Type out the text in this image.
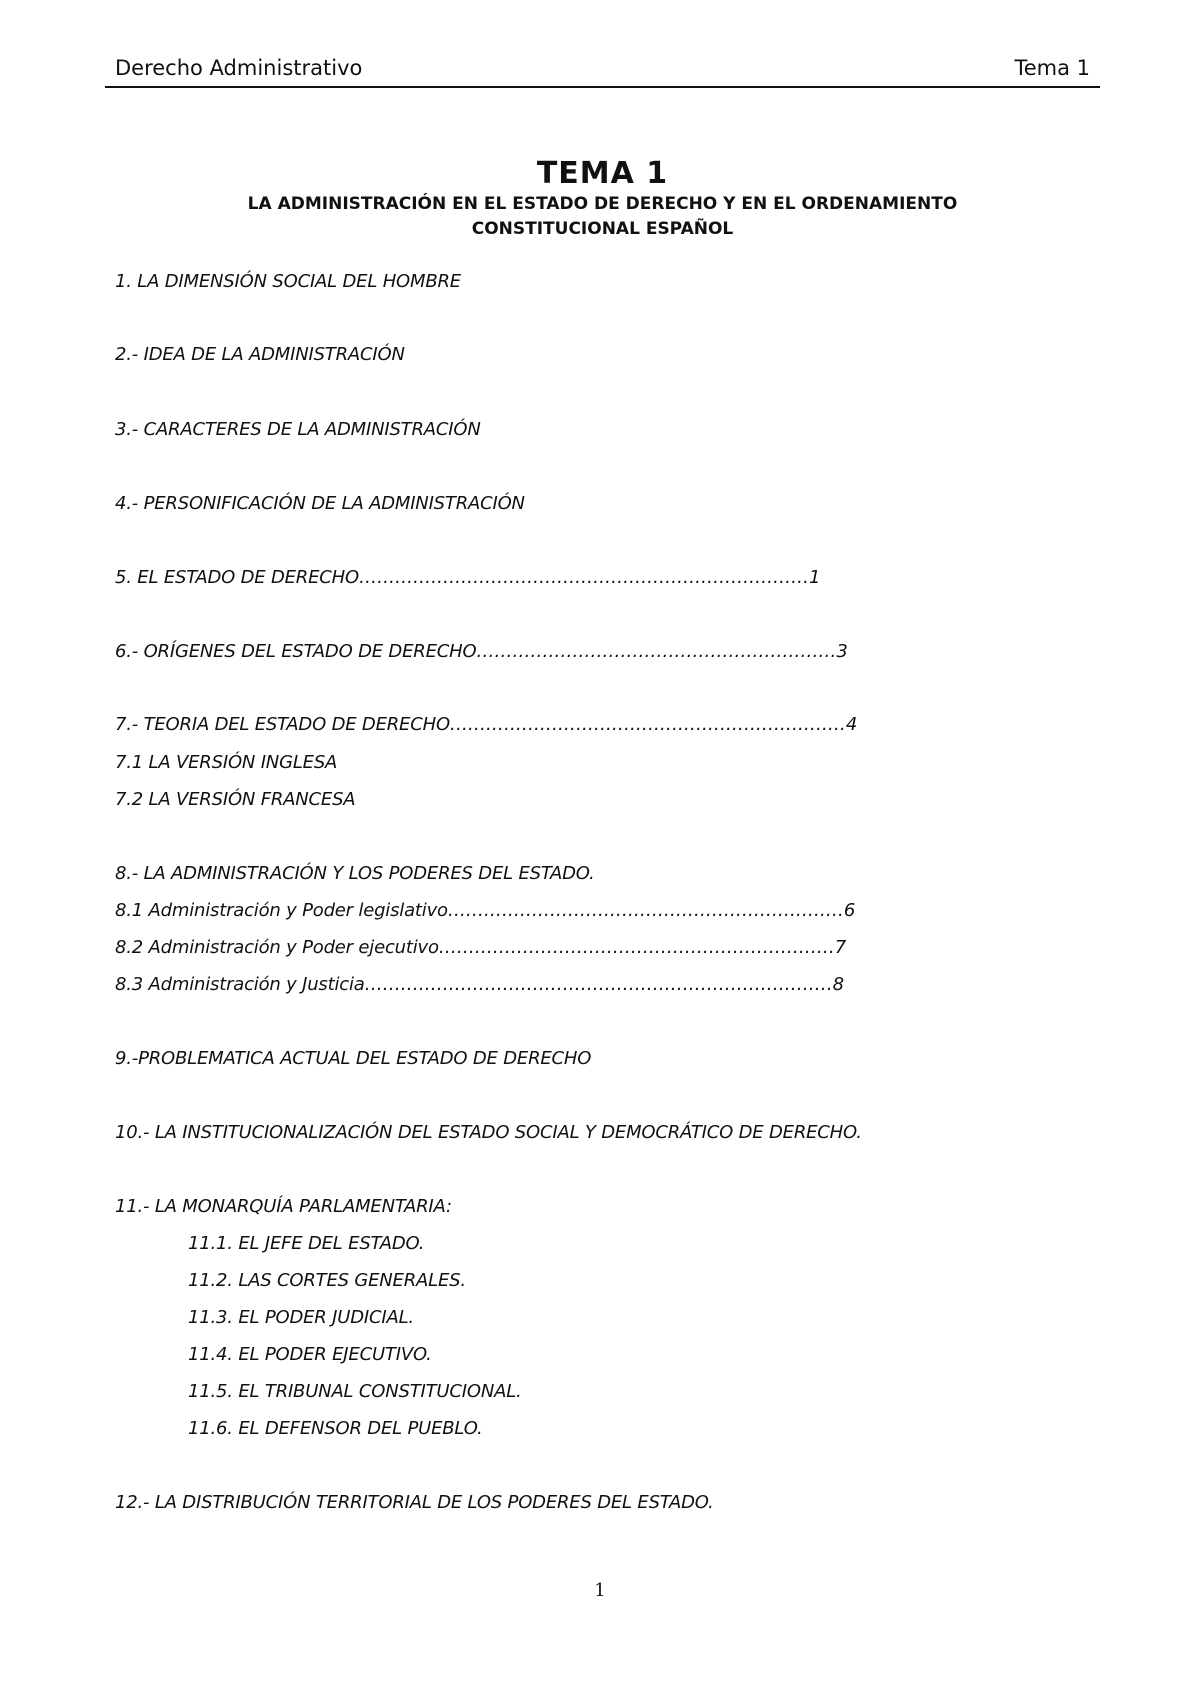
Derecho Administrativo	Tema 1
TEMA 1
LA ADMINISTRACIÓN EN EL ESTADO DE DERECHO Y EN EL ORDENAMIENTO CONSTITUCIONAL ESPAÑOL
1. LA DIMENSIÓN SOCIAL DEL HOMBRE
2.- IDEA DE LA ADMINISTRACIÓN
3.- CARACTERES DE LA ADMINISTRACIÓN
4.- PERSONIFICACIÓN DE LA ADMINISTRACIÓN
5. EL ESTADO DE DERECHO…………………………………………………………………1
6.- ORÍGENES DEL ESTADO DE DERECHO……………………………………………………3
7.- TEORIA DEL ESTADO DE DERECHO…………………………………………………………4
7.1 LA VERSIÓN INGLESA
7.2 LA VERSIÓN FRANCESA
8.- LA ADMINISTRACIÓN Y LOS PODERES DEL ESTADO.
8.1 Administración y Poder legislativo…………………………………………………………6
8.2 Administración y Poder ejecutivo…………………………………………………………7
8.3 Administración y Justicia……………………………………………………………………8
9.-PROBLEMATICA ACTUAL DEL ESTADO DE DERECHO
10.- LA INSTITUCIONALIZACIÓN DEL ESTADO SOCIAL Y DEMOCRÁTICO DE DERECHO.
11.- LA MONARQUÍA PARLAMENTARIA:
11.1. EL JEFE DEL ESTADO.
11.2. LAS CORTES GENERALES.
11.3. EL PODER JUDICIAL.
11.4. EL PODER EJECUTIVO.
11.5. EL TRIBUNAL CONSTITUCIONAL.
11.6. EL DEFENSOR DEL PUEBLO.
12.- LA DISTRIBUCIÓN TERRITORIAL DE LOS PODERES DEL ESTADO.
1
